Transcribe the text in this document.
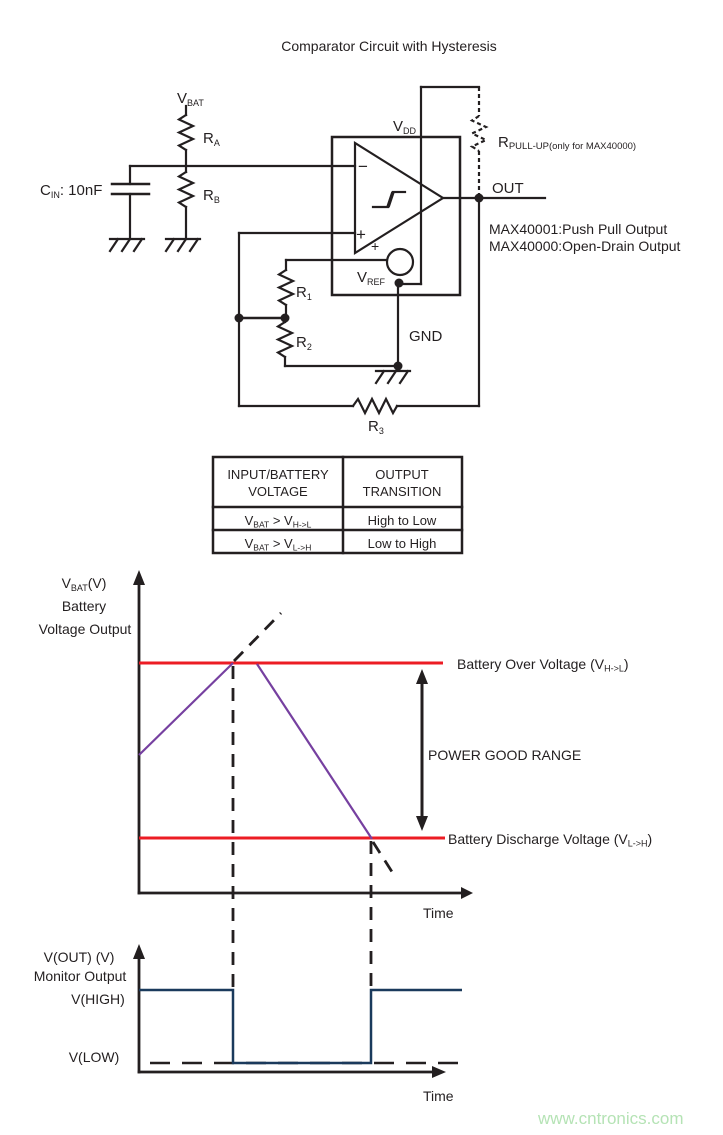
Comparator Circuit with Hysteresis
$V_{BAT}$
$R_A$
$R_B$
$C_{IN}$: 10nF
$V_{DD}$
−
+
+
$V_{REF}$
RPULL-UP(only for MAX40000)
OUT
MAX40001:Push Pull Output
MAX40000:Open-Drain Output
GND
$R_1$
$R_2$
$R_3$
INPUT/BATTERY
VOLTAGE
OUTPUT
TRANSITION
VBAT > VH->L	High to Low
VBAT > VL->H	Low to High
$V_{BAT}(V)$
Battery
Voltage Output
Battery Over Voltage (VH->L)
POWER GOOD RANGE
Battery Discharge Voltage (VL->H)
Time
V(OUT) (V)
Monitor Output
V(HIGH)
V(LOW)
Time
www.cntronics.com
